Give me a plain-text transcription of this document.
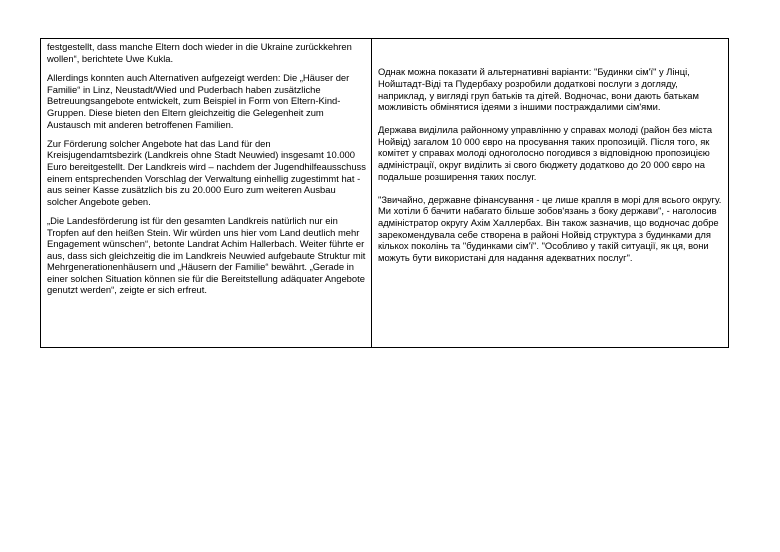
festgestellt, dass manche Eltern doch wieder in die Ukraine zurückkehren wollen“, berichtete Uwe Kukla.

Allerdings konnten auch Alternativen aufgezeigt werden: Die „Häuser der Familie“ in Linz, Neustadt/Wied und Puderbach haben zusätzliche Betreuungsangebote entwickelt, zum Beispiel in Form von Eltern-Kind-Gruppen. Diese bieten den Eltern gleichzeitig die Gelegenheit zum Austausch mit anderen betroffenen Familien.

Zur Förderung solcher Angebote hat das Land für den Kreisjugendamtsbezirk (Landkreis ohne Stadt Neuwied) insgesamt 10.000 Euro bereitgestellt. Der Landkreis wird – nachdem der Jugendhilfeausschuss einem entsprechenden Vorschlag der Verwaltung einhellig zugestimmt hat - aus seiner Kasse zusätzlich bis zu 20.000 Euro zum weiteren Ausbau solcher Angebote geben.

„Die Landesförderung ist für den gesamten Landkreis natürlich nur ein Tropfen auf den heißen Stein. Wir würden uns hier vom Land deutlich mehr Engagement wünschen“, betonte Landrat Achim Hallerbach. Weiter führte er aus, dass sich gleichzeitig die im Landkreis Neuwied aufgebaute Struktur mit Mehrgenerationenhäusern und „Häusern der Familie“ bewährt. „Gerade in einer solchen Situation können sie für die Bereitstellung adäquater Angebote genutzt werden“, zeigte er sich erfreut.

Однак можна показати й альтернативні варіанти: "Будинки сім'ї" у Лінці, Нойштадт-Віді та Пудербаху розробили додаткові послуги з догляду, наприклад, у вигляді груп батьків та дітей. Водночас, вони дають батькам можливість обмінятися ідеями з іншими постраждалими сім'ями.

Держава виділила районному управлінню у справах молоді (район без міста Нойвід) загалом 10 000 євро на просування таких пропозицій. Після того, як комітет у справах молоді одноголосно погодився з відповідною пропозицією адміністрації, округ виділить зі свого бюджету додатково до 20 000 євро на подальше розширення таких послуг.

"Звичайно, державне фінансування - це лише крапля в морі для всього округу. Ми хотіли б бачити набагато більше зобов'язань з боку держави", - наголосив адміністратор округу Ахім Халлербах. Він також зазначив, що водночас добре зарекомендувала себе створена в районі Нойвід структура з будинками для кількох поколінь та "будинками сім'ї". "Особливо у такій ситуації, як ця, вони можуть бути використані для надання адекватних послуг".
